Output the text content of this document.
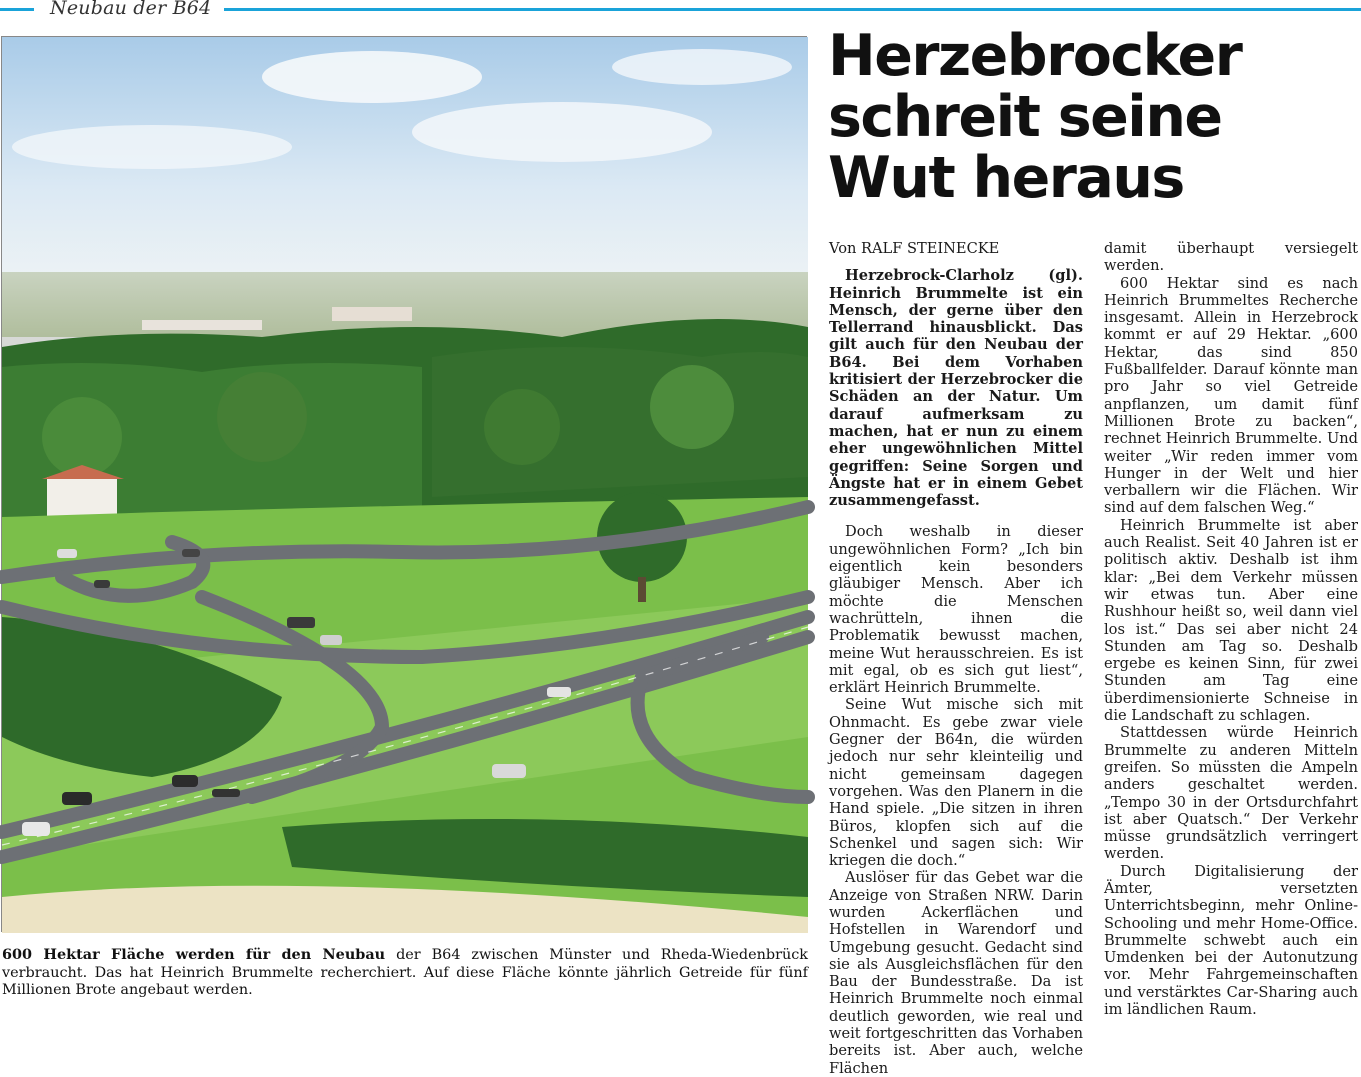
Neubau der B64

600 Hektar Fläche werden für den Neubau der B64 zwischen Münster und Rheda-Wiedenbrück verbraucht. Das hat Heinrich Brummelte recherchiert. Auf diese Fläche könnte jährlich Getreide für fünf Millionen Brote angebaut werden.

Herzebrocker
schreit seine
Wut heraus

Von RALF STEINECKE

Herzebrock-Clarholz (gl). Heinrich Brummelte ist ein Mensch, der gerne über den Tellerrand hinausblickt. Das gilt auch für den Neubau der B64. Bei dem Vorhaben kritisiert der Herzebrocker die Schäden an der Natur. Um darauf aufmerksam zu machen, hat er nun zu einem eher ungewöhnlichen Mittel gegriffen: Seine Sorgen und Ängste hat er in einem Gebet zusammengefasst.

Doch weshalb in dieser ungewöhnlichen Form? „Ich bin eigentlich kein besonders gläubiger Mensch. Aber ich möchte die Menschen wachrütteln, ihnen die Problematik bewusst machen, meine Wut herausschreien. Es ist mit egal, ob es sich gut liest“, erklärt Heinrich Brummelte.

Seine Wut mische sich mit Ohnmacht. Es gebe zwar viele Gegner der B64n, die würden jedoch nur sehr kleinteilig und nicht gemeinsam dagegen vorgehen. Was den Planern in die Hand spiele. „Die sitzen in ihren Büros, klopfen sich auf die Schenkel und sagen sich: Wir kriegen die doch.“

Auslöser für das Gebet war die Anzeige von Straßen NRW. Darin wurden Ackerflächen und Hofstellen in Warendorf und Umgebung gesucht. Gedacht sind sie als Ausgleichsflächen für den Bau der Bundesstraße. Da ist Heinrich Brummelte noch einmal deutlich geworden, wie real und weit fortgeschritten das Vorhaben bereits ist. Aber auch, welche Flächen

damit überhaupt versiegelt werden.

600 Hektar sind es nach Heinrich Brummeltes Recherche insgesamt. Allein in Herzebrock kommt er auf 29 Hektar. „600 Hektar, das sind 850 Fußballfelder. Darauf könnte man pro Jahr so viel Getreide anpflanzen, um damit fünf Millionen Brote zu backen“, rechnet Heinrich Brummelte. Und weiter „Wir reden immer vom Hunger in der Welt und hier verballern wir die Flächen. Wir sind auf dem falschen Weg.“

Heinrich Brummelte ist aber auch Realist. Seit 40 Jahren ist er politisch aktiv. Deshalb ist ihm klar: „Bei dem Verkehr müssen wir etwas tun. Aber eine Rushhour heißt so, weil dann viel los ist.“ Das sei aber nicht 24 Stunden am Tag so. Deshalb ergebe es keinen Sinn, für zwei Stunden am Tag eine überdimensionierte Schneise in die Landschaft zu schlagen.

Stattdessen würde Heinrich Brummelte zu anderen Mitteln greifen. So müssten die Ampeln anders geschaltet werden. „Tempo 30 in der Ortsdurchfahrt ist aber Quatsch.“ Der Verkehr müsse grundsätzlich verringert werden.

Durch Digitalisierung der Ämter, versetzten Unterrichtsbeginn, mehr Online-Schooling und mehr Home-Office. Brummelte schwebt auch ein Umdenken bei der Autonutzung vor. Mehr Fahrgemeinschaften und verstärktes Car-Sharing auch im ländlichen Raum.
